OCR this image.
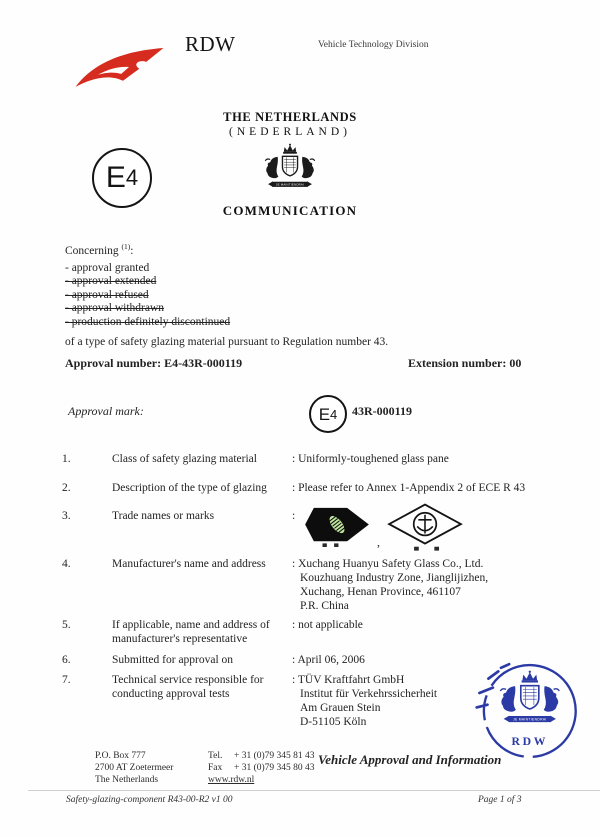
RDW	Vehicle Technology Division
E 4
THE NETHERLANDS
(NEDERLAND)
COMMUNICATION
Concerning $^{(1)}$:
- approval granted
- approval extended
- approval refused
- approval withdrawn
- production definitely discontinued
of a type of safety glazing material pursuant to Regulation number 43.
Approval number: E4-43R-000119	Extension number: 00
Approval mark:	E 4 43R-000119
1.	Class of safety glazing material	: Uniformly-toughened glass pane
2.	Description of the type of glazing	: Please refer to Annex 1-Appendix 2 of ECE R 43
3.	Trade names or marks	:
,
4.	Manufacturer's name and address	: Xuchang Huanyu Safety Glass Co., Ltd.
Kouzhuang Industry Zone, Jianglijizhen,
Xuchang, Henan Province, 461107
P.R. China
5.	If applicable, name and address of
manufacturer's representative
: not applicable
6.	Submitted for approval on	: April 06, 2006
7.	Technical service responsible for
conducting approval tests
: TÜV Kraftfahrt GmbH
Institut für Verkehrssicherheit
Am Grauen Stein
D-51105 Köln
RDW
P.O. Box 777
2700 AT Zoetermeer
The Netherlands
Tel. + 31 (0)79 345 81 43
Fax + 31 (0)79 345 80 43
www.rdw.nl
Vehicle Approval and Information
Safety-glazing-component R43-00-R2 v1 00	Page 1 of 3
